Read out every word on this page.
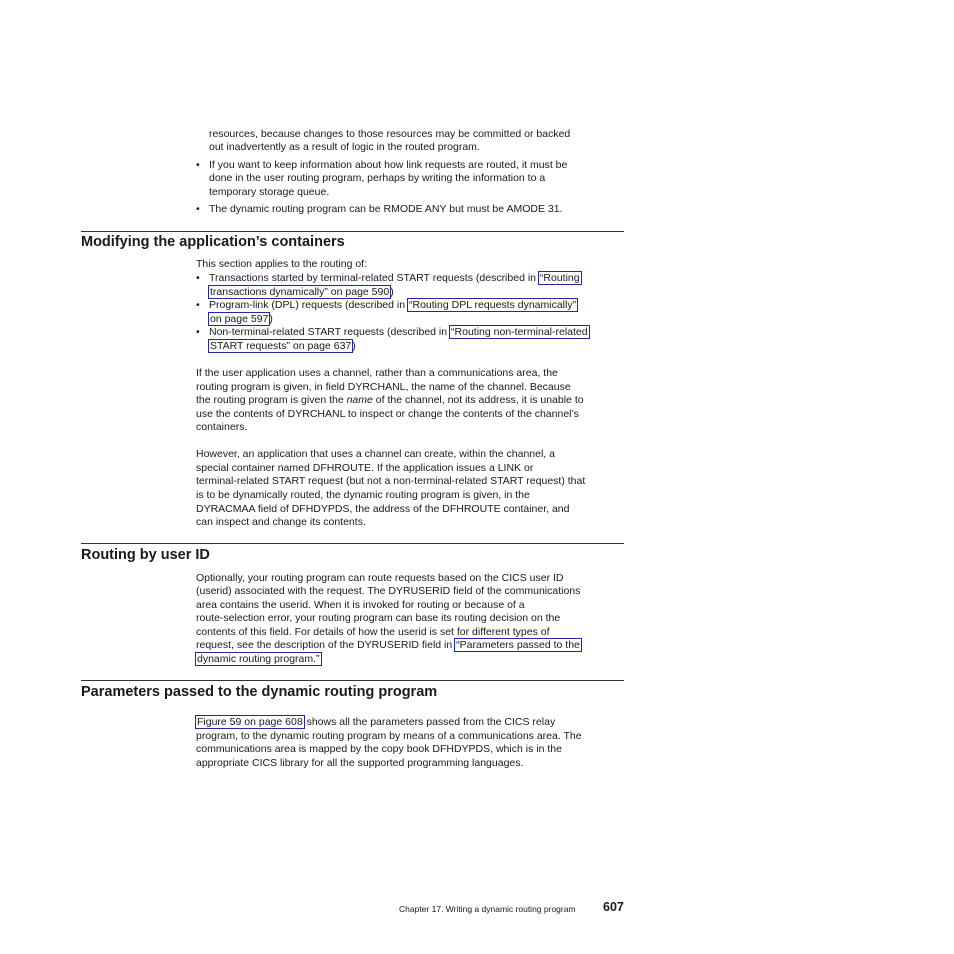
resources, because changes to those resources may be committed or backed

out inadvertently as a result of logic in the routed program.

• If you want to keep information about how link requests are routed, it must be

done in the user routing program, perhaps by writing the information to a

temporary storage queue.

• The dynamic routing program can be RMODE ANY but must be AMODE 31.

Modifying the application’s containers

This section applies to the routing of:

• Transactions started by terminal-related START requests (described in “Routing

transactions dynamically” on page 590)

• Program-link (DPL) requests (described in “Routing DPL requests dynamically”

on page 597)

• Non-terminal-related START requests (described in “Routing non-terminal-related

START requests” on page 637)

If the user application uses a channel, rather than a communications area, the

routing program is given, in field DYRCHANL, the name of the channel. Because

the routing program is given the name of the channel, not its address, it is unable to

use the contents of DYRCHANL to inspect or change the contents of the channel’s

containers.

However, an application that uses a channel can create, within the channel, a

special container named DFHROUTE. If the application issues a LINK or

terminal-related START request (but not a non-terminal-related START request) that

is to be dynamically routed, the dynamic routing program is given, in the

DYRACMAA field of DFHDYPDS, the address of the DFHROUTE container, and

can inspect and change its contents.

Routing by user ID

Optionally, your routing program can route requests based on the CICS user ID

(userid) associated with the request. The DYRUSERID field of the communications

area contains the userid. When it is invoked for routing or because of a

route-selection error, your routing program can base its routing decision on the

contents of this field. For details of how the userid is set for different types of

request, see the description of the DYRUSERID field in “Parameters passed to the

dynamic routing program.”

Parameters passed to the dynamic routing program

Figure 59 on page 608 shows all the parameters passed from the CICS relay

program, to the dynamic routing program by means of a communications area. The

communications area is mapped by the copy book DFHDYPDS, which is in the

appropriate CICS library for all the supported programming languages.

Chapter 17. Writing a dynamic routing program 607
